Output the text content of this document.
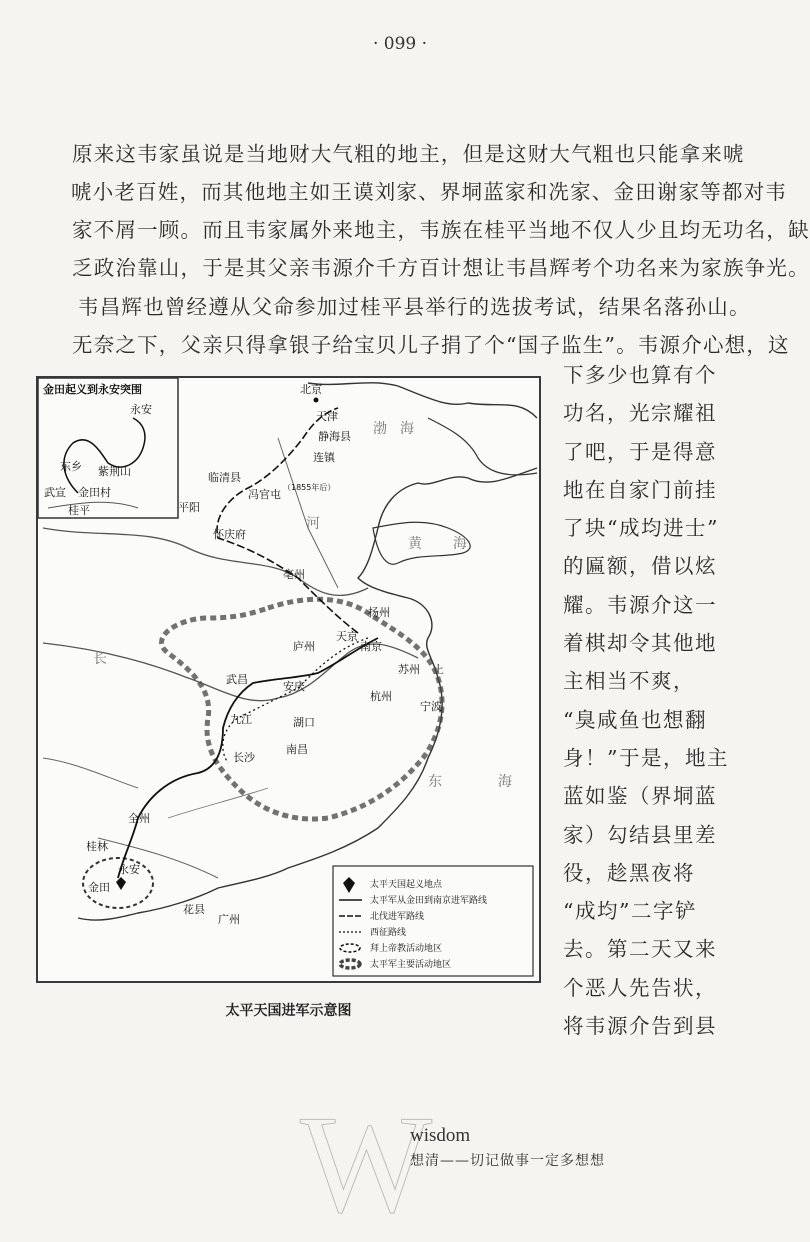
· 099 ·

原来这韦家虽说是当地财大气粗的地主，但是这财大气粗也只能拿来唬
唬小老百姓，而其他地主如王谟刘家、界垌蓝家和冼家、金田谢家等都对韦
家不屑一顾。而且韦家属外来地主，韦族在桂平当地不仅人少且均无功名，缺
乏政治靠山，于是其父亲韦源介千方百计想让韦昌辉考个功名来为家族争光。

韦昌辉也曾经遵从父命参加过桂平县举行的选拔考试，结果名落孙山。
无奈之下，父亲只得拿银子给宝贝儿子捐了个“国子监生”。韦源介心想，这

下多少也算有个
功名，光宗耀祖
了吧，于是得意
地在自家门前挂
了块“成均进士”
的匾额，借以炫
耀。韦源介这一
着棋却令其他地
主相当不爽，
“臭咸鱼也想翻
身！”于是，地主
蓝如鉴（界垌蓝
家）勾结县里差
役，趁黑夜将
“成均”二字铲
去。第二天又来
个恶人先告状，
将韦源介告到县
太平天国起义地点
太平军从金田到南京进军路线
北伐进军路线
西征路线
拜上帝教活动地区
太平军主要活动地区
金田起义到永安突围
永安
东乡 紫荆山
武宣 金田村
桂平
渤 海
黄 海
东	海
长
河
北京
天津
静海县
连镇
临清县
冯官屯
（1855年后）
平阳
怀庆府
亳州
扬州
天京
南京
庐州
苏州 上
杭州
宁波
武昌
安庆
九江	湖口
南昌
长沙
全州
桂林
永安
金田
花县
广州
太平天国进军示意图
W wisdom
想清——切记做事一定多想想
